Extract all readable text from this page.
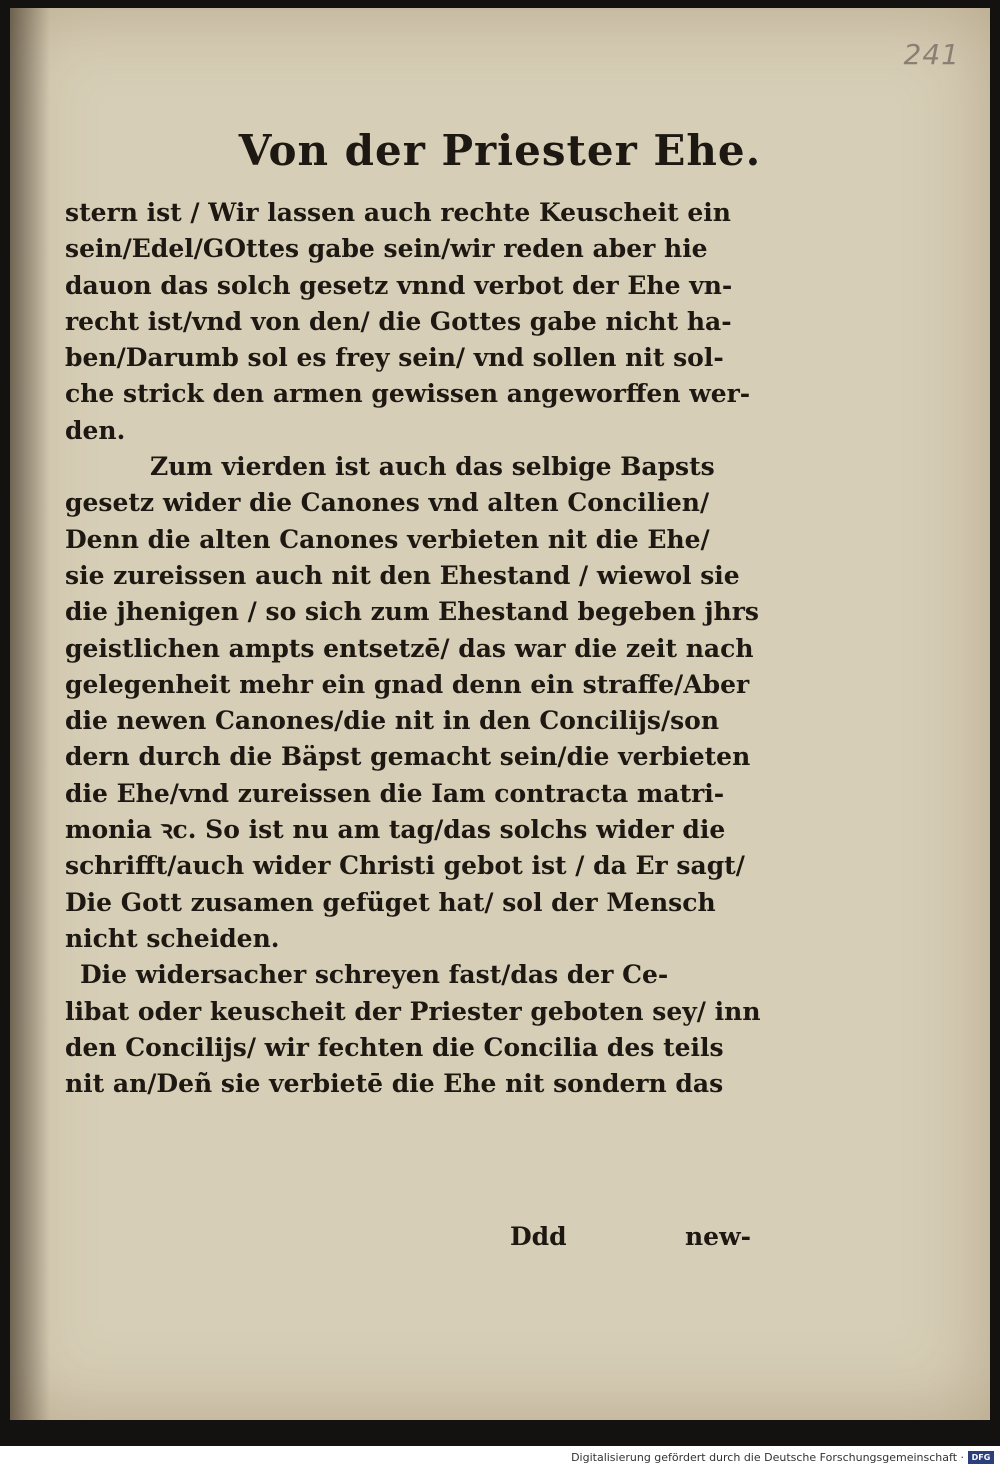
241
Von der Priester Ehe.
stern ist / Wir lassen auch rechte Keuscheit ein
sein/Edel/GOttes gabe sein/wir reden aber hie
dauon das solch gesetz vnnd verbot der Ehe vn-
recht ist/vnd von den/ die Gottes gabe nicht ha-
ben/Darumb sol es frey sein/ vnd sollen nit sol-
che strick den armen gewissen angeworffen wer-
den.
Zum vierden ist auch das selbige Bapsts
gesetz wider die Canones vnd alten Concilien/
Denn die alten Canones verbieten nit die Ehe/
sie zureissen auch nit den Ehestand / wiewol sie
die jhenigen / so sich zum Ehestand begeben jhrs
geistlichen ampts entsetzē/ das war die zeit nach
gelegenheit mehr ein gnad denn ein straffe/Aber
die newen Canones/die nit in den Concilijs/son
dern durch die Bäpst gemacht sein/die verbieten
die Ehe/vnd zureissen die Iam contracta matri-
monia ꝛc. So ist nu am tag/das solchs wider die
schrifft/auch wider Christi gebot ist / da Er sagt/
Die Gott zusamen gefüget hat/ sol der Mensch
nicht scheiden.
Die widersacher schreyen fast/das der Ce-
libat oder keuscheit der Priester geboten sey/ inn
den Concilijs/ wir fechten die Concilia des teils
nit an/Deñ sie verbietē die Ehe nit sondern das
Ddd	new-
Digitalisierung gefördert durch die Deutsche Forschungsgemeinschaft · DFG
